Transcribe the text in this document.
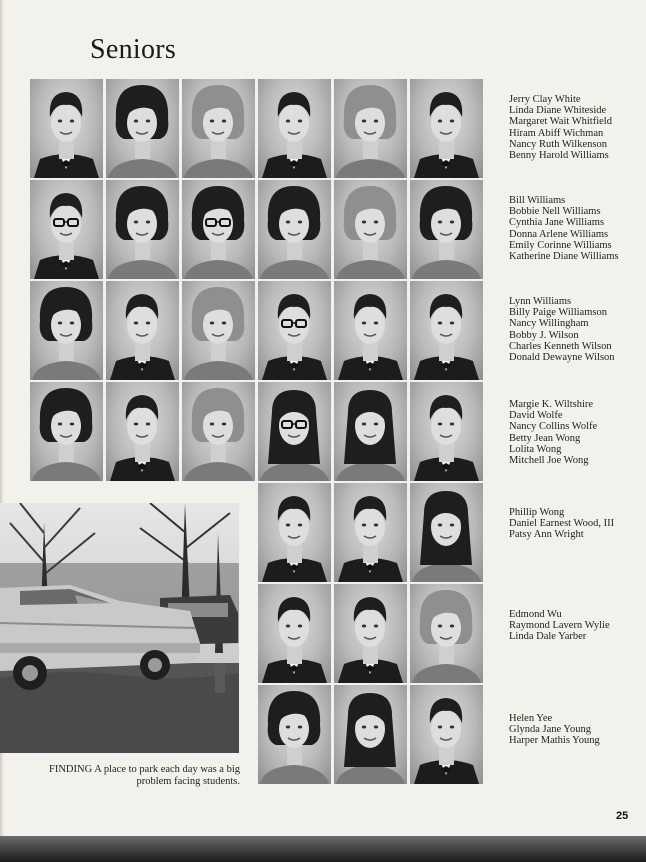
Seniors
Jerry Clay White
Linda Diane Whiteside
Margaret Wait Whitfield
Hiram Abiff Wichman
Nancy Ruth Wilkenson
Benny Harold Williams
Bill Williams
Bobbie Nell Williams
Cynthia Jane Williams
Donna Arlene Williams
Emily Corinne Williams
Katherine Diane Williams
Lynn Williams
Billy Paige Williamson
Nancy Willingham
Bobby J. Wilson
Charles Kenneth Wilson
Donald Dewayne Wilson
Margie K. Wiltshire
David Wolfe
Nancy Collins Wolfe
Betty Jean Wong
Lolita Wong
Mitchell Joe Wong
Phillip Wong
Daniel Earnest Wood, III
Patsy Ann Wright
Edmond Wu
Raymond Lavern Wylie
Linda Dale Yarber
Helen Yee
Glynda Jane Young
Harper Mathis Young
FINDING A place to park each day was a big problem facing students.
25
